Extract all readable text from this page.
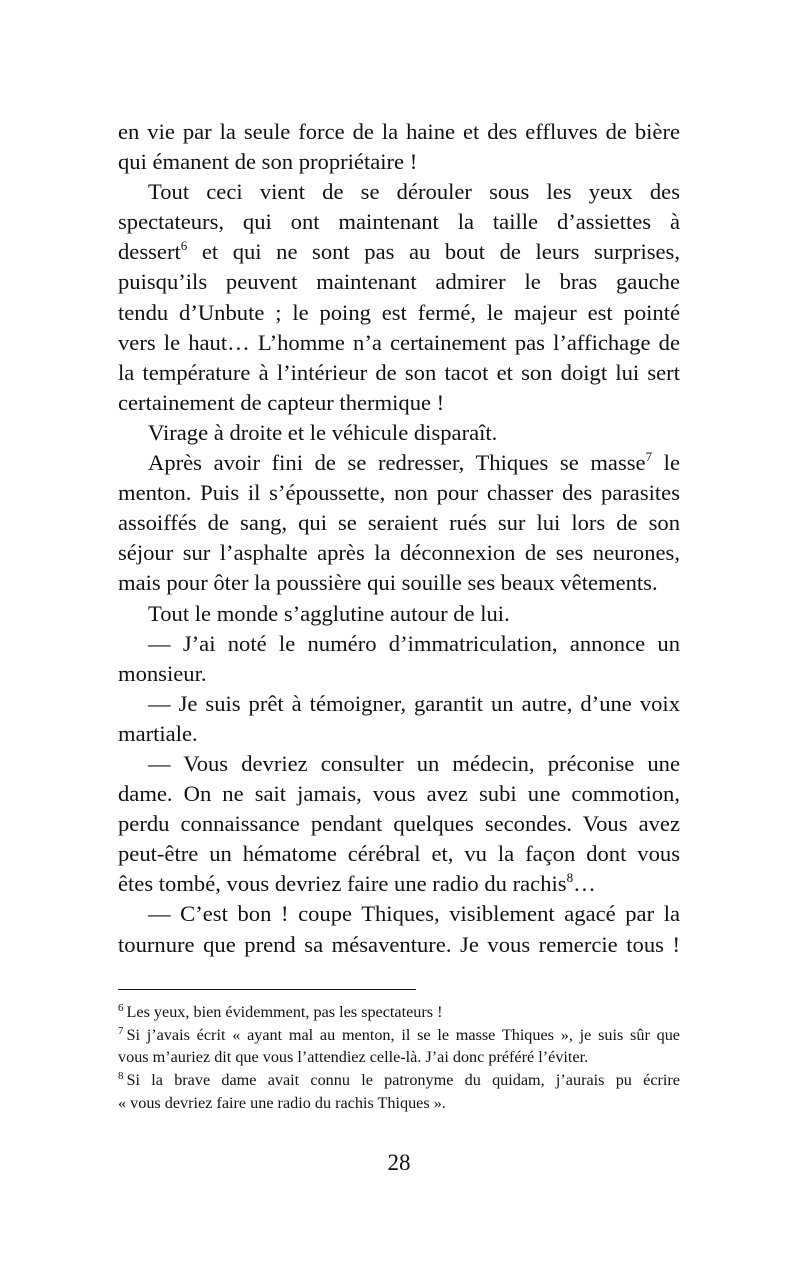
en vie par la seule force de la haine et des effluves de bière
qui émanent de son propriétaire !
Tout ceci vient de se dérouler sous les yeux des
spectateurs, qui ont maintenant la taille d’assiettes à
dessert$^6$ et qui ne sont pas au bout de leurs surprises,
puisqu’ils peuvent maintenant admirer le bras gauche
tendu d’Unbute ; le poing est fermé, le majeur est pointé
vers le haut… L’homme n’a certainement pas l’affichage de
la température à l’intérieur de son tacot et son doigt lui sert
certainement de capteur thermique !
Virage à droite et le véhicule disparaît.
Après avoir fini de se redresser, Thiques se masse$^7$ le
menton. Puis il s’époussette, non pour chasser des parasites
assoiffés de sang, qui se seraient rués sur lui lors de son
séjour sur l’asphalte après la déconnexion de ses neurones,
mais pour ôter la poussière qui souille ses beaux vêtements.
Tout le monde s’agglutine autour de lui.
— J’ai noté le numéro d’immatriculation, annonce un
monsieur.
— Je suis prêt à témoigner, garantit un autre, d’une voix
martiale.
— Vous devriez consulter un médecin, préconise une
dame. On ne sait jamais, vous avez subi une commotion,
perdu connaissance pendant quelques secondes. Vous avez
peut-être un hématome cérébral et, vu la façon dont vous
êtes tombé, vous devriez faire une radio du rachis$^8$…
— C’est bon ! coupe Thiques, visiblement agacé par la
tournure que prend sa mésaventure. Je vous remercie tous !
$^6$ Les yeux, bien évidemment, pas les spectateurs !
$^7$ Si j’avais écrit « ayant mal au menton, il se le masse Thiques », je suis sûr que
vous m’auriez dit que vous l’attendiez celle-là. J’ai donc préféré l’éviter.
$^8$ Si la brave dame avait connu le patronyme du quidam, j’aurais pu écrire
« vous devriez faire une radio du rachis Thiques ».
28
